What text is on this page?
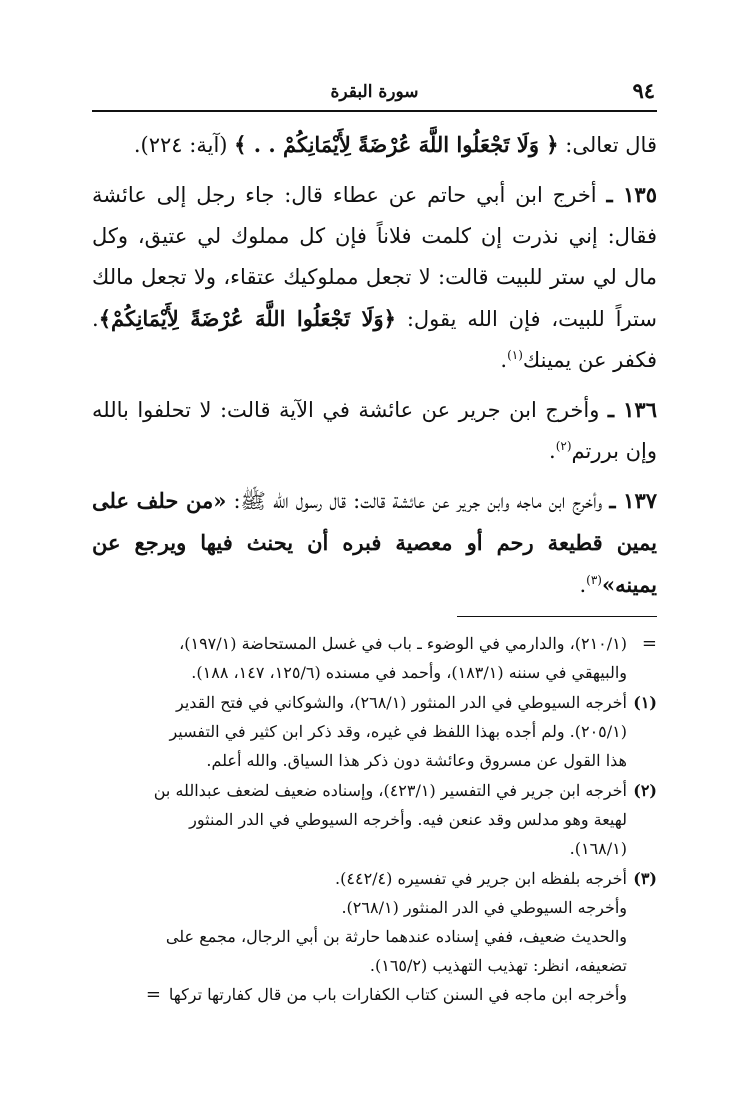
٩٤
سورة البقرة

قال تعالى: ﴿ وَلَا تَجْعَلُوا اللَّهَ عُرْضَةً لِأَيْمَانِكُمْ . . ﴾ (آية: ٢٢٤).

١٣٥ ـ أخرج ابن أبي حاتم عن عطاء قال: جاء رجل إلى عائشة فقال: إني نذرت إن كلمت فلاناً فإن كل مملوك لي عتيق، وكل مال لي ستر للبيت قالت: لا تجعل مملوكيك عتقاء، ولا تجعل مالك ستراً للبيت، فإن الله يقول: ﴿وَلَا تَجْعَلُوا اللَّهَ عُرْضَةً لِأَيْمَانِكُمْ﴾. فكفر عن يمينك$^{(١)}$.

١٣٦ ـ وأخرج ابن جرير عن عائشة في الآية قالت: لا تحلفوا بالله وإن بررتم$^{(٢)}$.

١٣٧ ـ وأخرج ابن ماجه وابن جرير عن عائشة قالت: قال رسول الله ﷺ: «من حلف على يمين قطيعة رحم أو معصية فبره أن يحنث فيها ويرجع عن يمينه»$^{(٣)}$.

=
(٢١٠/١)، والدارمي في الوضوء ـ باب في غسل المستحاضة (١٩٧/١)،
والبيهقي في سننه (١٨٣/١)، وأحمد في مسنده (١٢٥/٦، ١٤٧، ١٨٨).
(١)
أخرجه السيوطي في الدر المنثور (٢٦٨/١)، والشوكاني في فتح القدير
(٢٠٥/١). ولم أجده بهذا اللفظ في غيره، وقد ذكر ابن كثير في التفسير
هذا القول عن مسروق وعائشة دون ذكر هذا السياق. والله أعلم.
(٢)
أخرجه ابن جرير في التفسير (٤٢٣/١)، وإسناده ضعيف لضعف عبدالله بن
لهيعة وهو مدلس وقد عنعن فيه. وأخرجه السيوطي في الدر المنثور
(١٦٨/١).
(٣)
أخرجه بلفظه ابن جرير في تفسيره (٤٤٢/٤).
وأخرجه السيوطي في الدر المنثور (٢٦٨/١).
والحديث ضعيف، ففي إسناده عندهما حارثة بن أبي الرجال، مجمع على
تضعيفه، انظر: تهذيب التهذيب (١٦٥/٢).
وأخرجه ابن ماجه في السنن كتاب الكفارات باب من قال كفارتها تركها=
